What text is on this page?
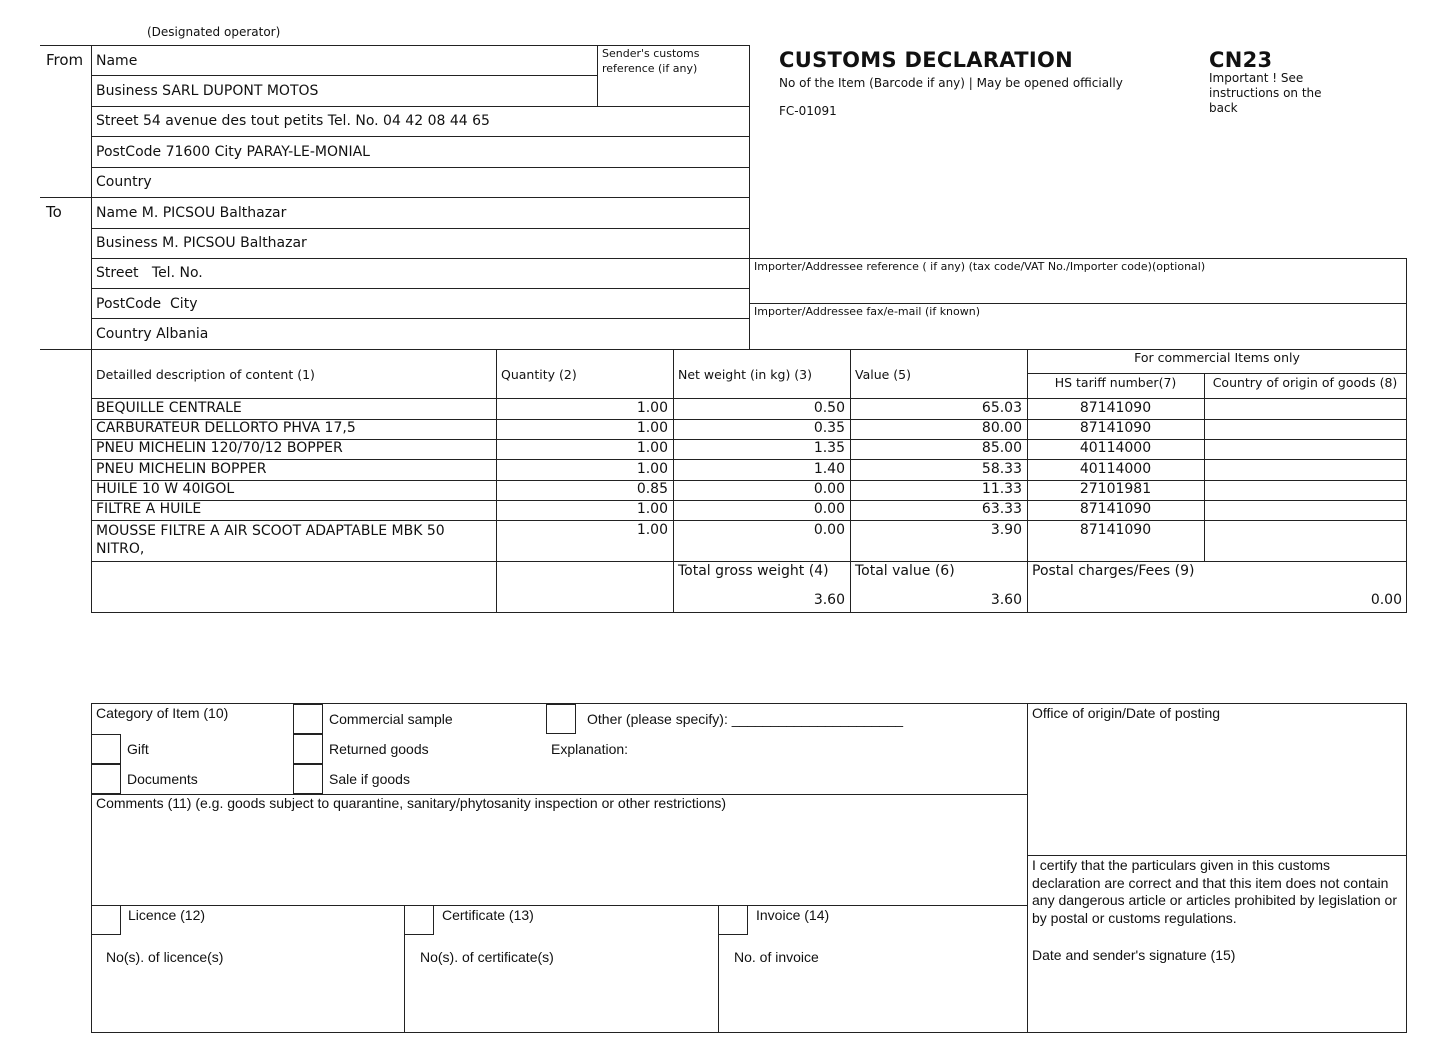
(Designated operator)
CUSTOMS DECLARATION	CN23
Important ! See instructions on the back
No of the Item (Barcode if any) | May be opened officially
FC-01091
From
To
Name	Sender's customs reference (if any)
Business SARL DUPONT MOTOS
Street 54 avenue des tout petits Tel. No. 04 42 08 44 65
PostCode 71600 City PARAY-LE-MONIAL
Country
Name M. PICSOU Balthazar
Business M. PICSOU Balthazar
Street   Tel. No.
PostCode  City
Country Albania
Importer/Addressee reference ( if any) (tax code/VAT No./Importer code)(optional)
Importer/Addressee fax/e-mail (if known)
Detailled description of content (1)	Quantity (2)	Net weight (in kg) (3)	Value (5)
For commercial Items only
HS tariff number(7)	Country of origin of goods (8)
BEQUILLE CENTRALE	1.00	0.50	65.03	87141090
CARBURATEUR DELLORTO PHVA 17,5	1.00	0.35	80.00	87141090
PNEU MICHELIN 120/70/12 BOPPER	1.00	1.35	85.00	40114000
PNEU MICHELIN BOPPER	1.00	1.40	58.33	40114000
HUILE 10 W 40IGOL	0.85	0.00	11.33	27101981
FILTRE A HUILE	1.00	0.00	63.33	87141090
MOUSSE FILTRE A AIR SCOOT ADAPTABLE MBK 50 NITRO,
1.00	0.00	3.90	87141090
Total gross weight (4)
3.60
Total value (6)
3.60
Postal charges/Fees (9)
0.00
Category of Item (10)	Commercial sample	Other (please specify): ______________________
Gift	Returned goods	Explanation:
Documents	Sale if goods
Comments (11) (e.g. goods subject to quarantine, sanitary/phytosanity inspection or other restrictions)
Office of origin/Date of posting
I certify that the particulars given in this customs declaration are correct and that this item does not contain any dangerous article or articles prohibited by legislation or by postal or customs regulations.
Date and sender's signature (15)
Licence (12)
No(s). of licence(s)
Certificate (13)
No(s). of certificate(s)
Invoice (14)
No. of invoice
